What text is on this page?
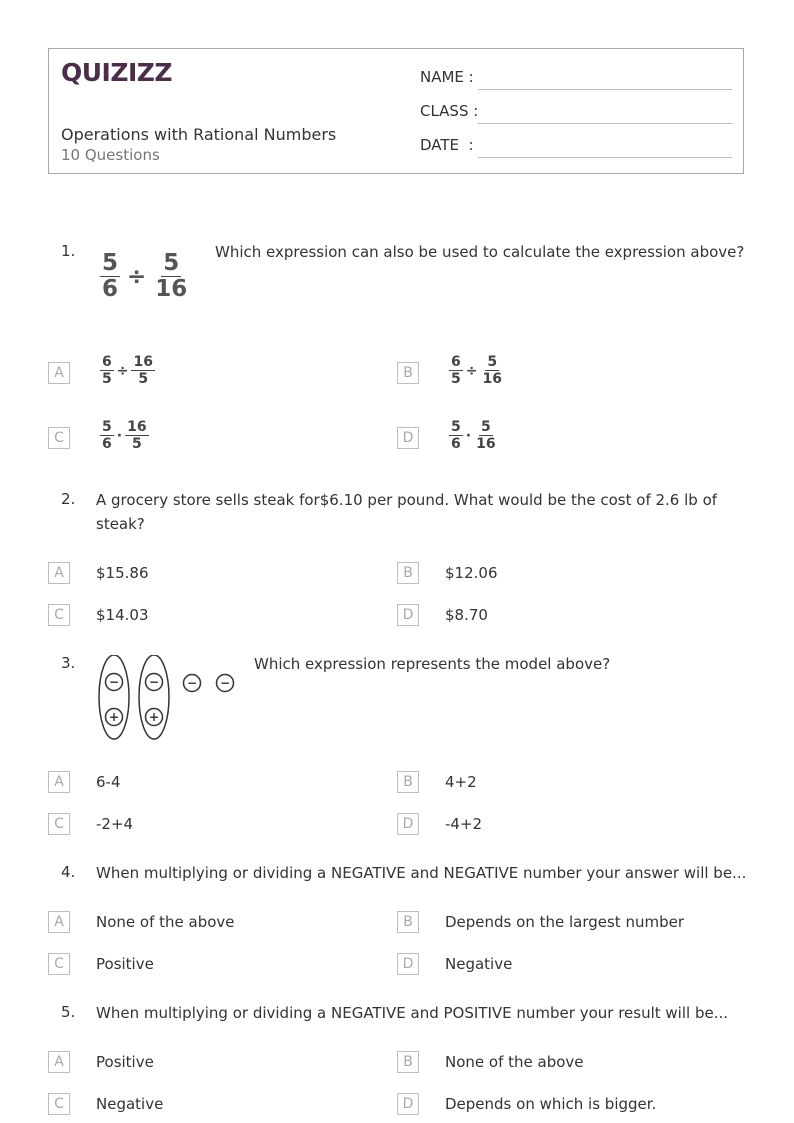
QUIZIZZ
Operations with Rational Numbers
10 Questions
NAME :
CLASS :
DATE  :
1.
$\frac{5}{6} \div \frac{5}{16}$ Which expression can also be used to calculate the expression above?
A	$\frac{6}{5} \div \frac{16}{5}$	B	$\frac{6}{5} \div \frac{5}{16}$
C	$\frac{5}{6} \cdot \frac{16}{5}$	D	$\frac{5}{6} \cdot \frac{5}{16}$
2. A grocery store sells steak for$6.10 per pound. What would be the cost of 2.6 lb of
steak?
A	$15.86	B	$12.06
C	$14.03	D	$8.70
3.
−
+
−
+
− −
Which expression represents the model above?
A	6-4	B	4+2
C	-2+4	D	-4+2
4. When multiplying or dividing a NEGATIVE and NEGATIVE number your answer will be...
A	None of the above	B	Depends on the largest number
C	Positive	D	Negative
5. When multiplying or dividing a NEGATIVE and POSITIVE number your result will be...
A	Positive	B	None of the above
C	Negative	D	Depends on which is bigger.
